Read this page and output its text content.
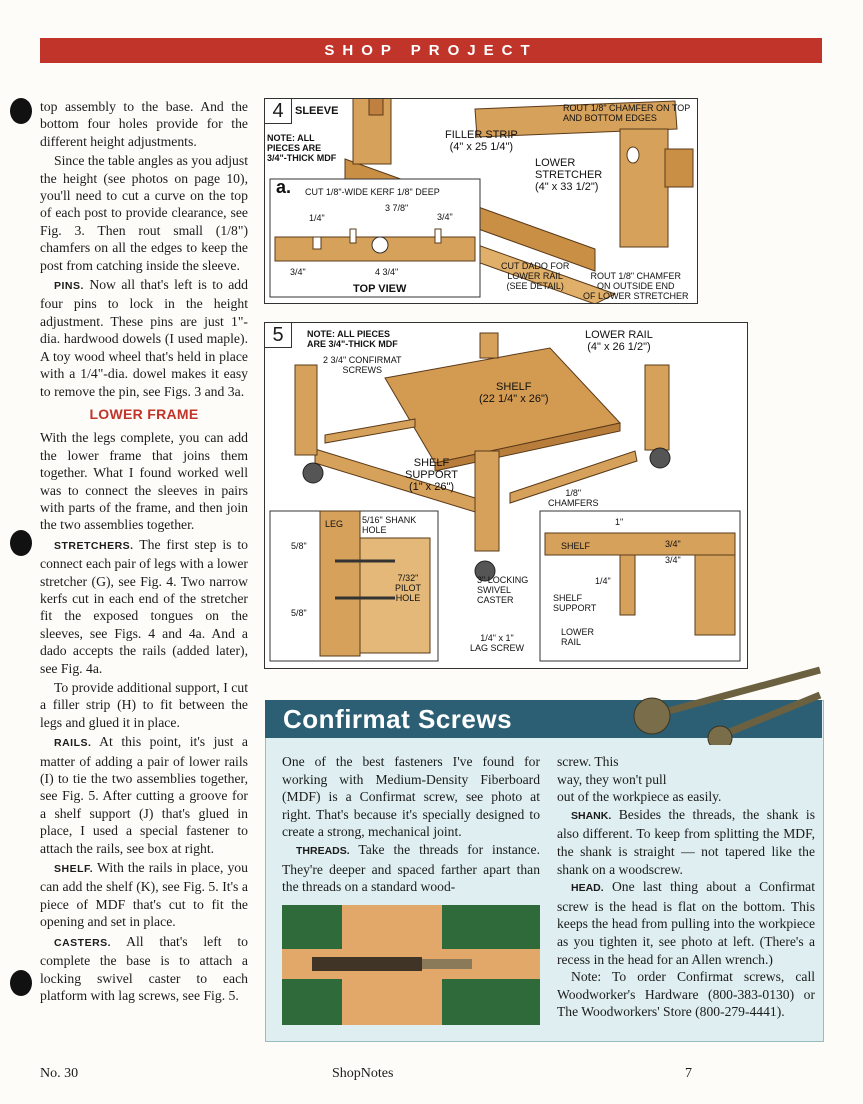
SHOP PROJECT

top assembly to the base. And the bottom four holes provide for the different height adjustments.

Since the table angles as you adjust the height (see photos on page 10), you'll need to cut a curve on the top of each post to provide clearance, see Fig. 3. Then rout small (1/8") chamfers on all the edges to keep the post from catching inside the sleeve.

PINS. Now all that's left is to add four pins to lock in the height adjustment. These pins are just 1"-dia. hardwood dowels (I used maple). A toy wood wheel that's held in place with a 1/4"-dia. dowel makes it easy to remove the pin, see Figs. 3 and 3a.

LOWER FRAME

With the legs complete, you can add the lower frame that joins them together. What I found worked well was to connect the sleeves in pairs with parts of the frame, and then join the two assemblies together.

STRETCHERS. The first step is to connect each pair of legs with a lower stretcher (G), see Fig. 4. Two narrow kerfs cut in each end of the stretcher fit the exposed tongues on the sleeves, see Figs. 4 and 4a. And a dado accepts the rails (added later), see Fig. 4a.

To provide additional support, I cut a filler strip (H) to fit between the legs and glued it in place.

RAILS. At this point, it's just a matter of adding a pair of lower rails (I) to tie the two assemblies together, see Fig. 5. After cutting a groove for a shelf support (J) that's glued in place, I used a special fastener to attach the rails, see box at right.

SHELF. With the rails in place, you can add the shelf (K), see Fig. 5. It's a piece of MDF that's cut to fit the opening and set in place.

CASTERS. All that's left to complete the base is to attach a locking swivel caster to each platform with lag screws, see Fig. 5.

4	SLEEVE
NOTE: ALL
PIECES ARE
3/4"-THICK MDF
ROUT 1/8" CHAMFER ON TOP
AND BOTTOM EDGES
FILLER STRIP
(4" x 25 1/4")
LOWER
STRETCHER
(4" x 33 1/2")
a. CUT 1/8"-WIDE KERF 1/8" DEEP
3 7/8"
3/4"
1/4"
3/4"	4 3/4"
TOP VIEW
CUT DADO FOR
LOWER RAIL
(SEE DETAIL)
ROUT 1/8" CHAMFER
ON OUTSIDE END
OF LOWER STRETCHER
5	NOTE: ALL PIECES
ARE 3/4"-THICK MDF
2 3/4" CONFIRMAT
SCREWS
SHELF
(22 1/4" x 26")
SHELF
SUPPORT
(1" x 26")
LOWER RAIL
(4" x 26 1/2")
1/8"
CHAMFERS
LEG 5/16" SHANK
HOLE
7/32"
PILOT
HOLE
5/8"
5/8"
3" LOCKING
SWIVEL
CASTER
1/4" x 1"
LAG SCREW
SHELF	3/4"
3/4"
1"
1/4"
SHELF
SUPPORT
LOWER
RAIL
Confirmat Screws

One of the best fasteners I've found for working with Medium-Density Fiberboard (MDF) is a Confirmat screw, see photo at right. That's because it's specially designed to create a strong, mechanical joint.

THREADS. Take the threads for instance. They're deeper and spaced farther apart than the threads on a standard wood-

screw. This

way, they won't pull

out of the workpiece as easily.

SHANK. Besides the threads, the shank is also different. To keep from splitting the MDF, the shank is straight — not tapered like the shank on a woodscrew.

HEAD. One last thing about a Confirmat screw is the head is flat on the bottom. This keeps the head from pulling into the workpiece as you tighten it, see photo at left. (There's a recess in the head for an Allen wrench.)

Note: To order Confirmat screws, call Woodworker's Hardware (800-383-0130) or The Woodworkers' Store (800-279-4441).

No. 30	ShopNotes	7
